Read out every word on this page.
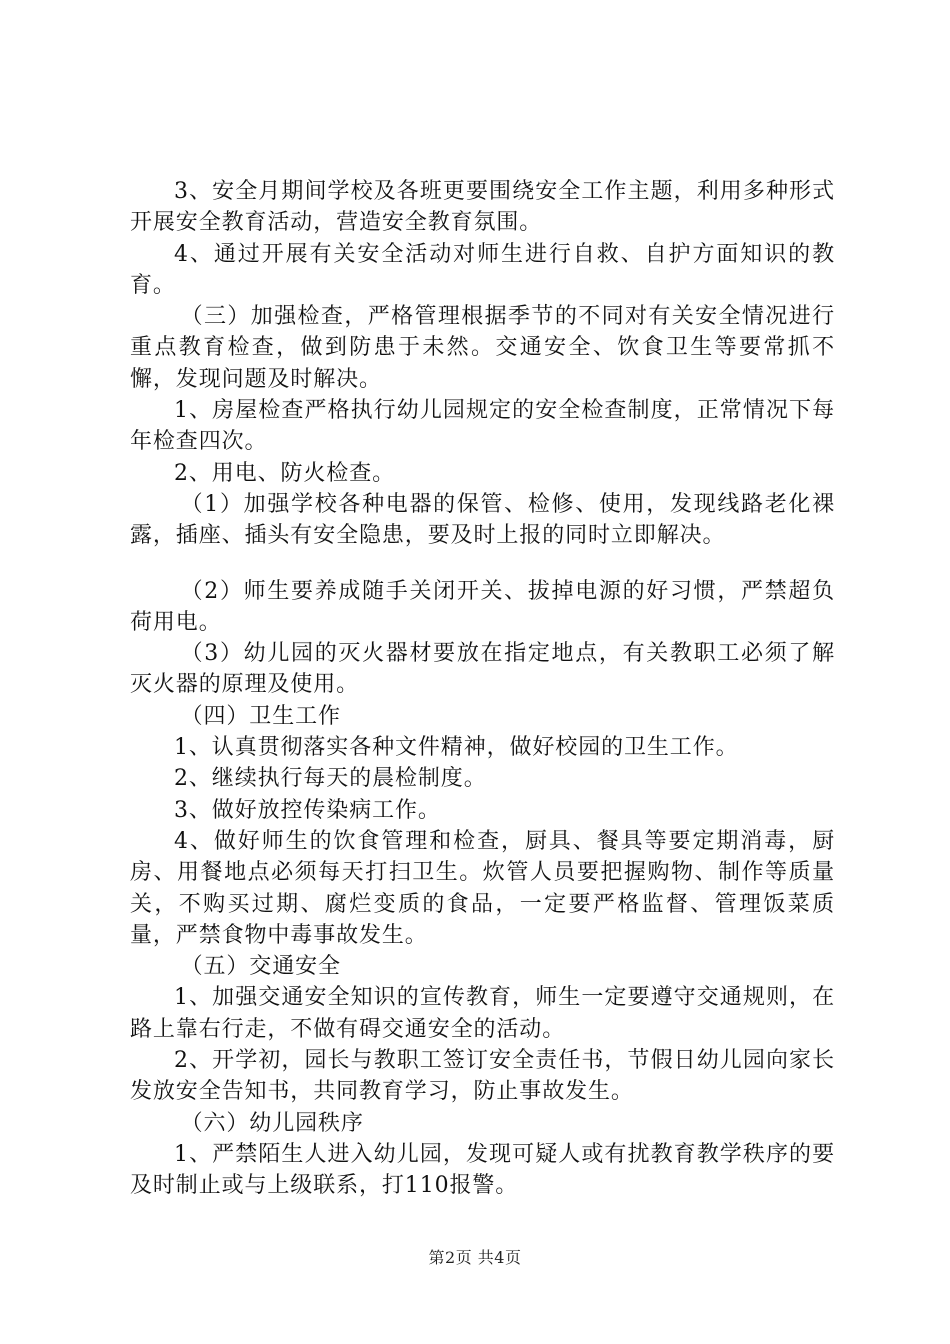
3、安全月期间学校及各班更要围绕安全工作主题，利用多种形式开展安全教育活动，营造安全教育氛围。

4、通过开展有关安全活动对师生进行自救、自护方面知识的教育。

（三）加强检查，严格管理根据季节的不同对有关安全情况进行重点教育检查，做到防患于未然。交通安全、饮食卫生等要常抓不懈，发现问题及时解决。

1、房屋检查严格执行幼儿园规定的安全检查制度，正常情况下每年检查四次。

2、用电、防火检查。

（1）加强学校各种电器的保管、检修、使用，发现线路老化裸露，插座、插头有安全隐患，要及时上报的同时立即解决。

（2）师生要养成随手关闭开关、拔掉电源的好习惯，严禁超负荷用电。

（3）幼儿园的灭火器材要放在指定地点，有关教职工必须了解灭火器的原理及使用。

（四）卫生工作

1、认真贯彻落实各种文件精神，做好校园的卫生工作。

2、继续执行每天的晨检制度。

3、做好放控传染病工作。

4、做好师生的饮食管理和检查，厨具、餐具等要定期消毒，厨房、用餐地点必须每天打扫卫生。炊管人员要把握购物、制作等质量关，不购买过期、腐烂变质的食品，一定要严格监督、管理饭菜质量，严禁食物中毒事故发生。

（五）交通安全

1、加强交通安全知识的宣传教育，师生一定要遵守交通规则，在路上靠右行走，不做有碍交通安全的活动。

2、开学初，园长与教职工签订安全责任书，节假日幼儿园向家长发放安全告知书，共同教育学习，防止事故发生。

（六）幼儿园秩序

1、严禁陌生人进入幼儿园，发现可疑人或有扰教育教学秩序的要及时制止或与上级联系，打110报警。

第2页 共4页
